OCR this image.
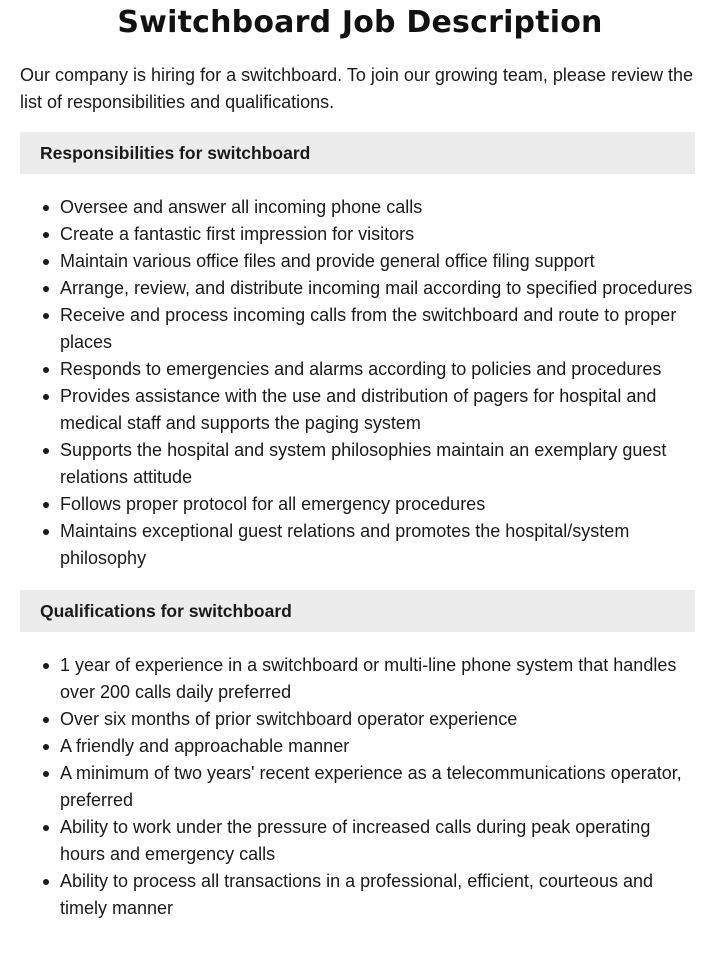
Switchboard Job Description

Our company is hiring for a switchboard. To join our growing team, please review the list of responsibilities and qualifications.

Responsibilities for switchboard
Oversee and answer all incoming phone calls
Create a fantastic first impression for visitors
Maintain various office files and provide general office filing support
Arrange, review, and distribute incoming mail according to specified procedures
Receive and process incoming calls from the switchboard and route to proper places
Responds to emergencies and alarms according to policies and procedures
Provides assistance with the use and distribution of pagers for hospital and medical staff and supports the paging system
Supports the hospital and system philosophies maintain an exemplary guest relations attitude
Follows proper protocol for all emergency procedures
Maintains exceptional guest relations and promotes the hospital/system philosophy
Qualifications for switchboard
1 year of experience in a switchboard or multi-line phone system that handles over 200 calls daily preferred
Over six months of prior switchboard operator experience
A friendly and approachable manner
A minimum of two years' recent experience as a telecommunications operator, preferred
Ability to work under the pressure of increased calls during peak operating hours and emergency calls
Ability to process all transactions in a professional, efficient, courteous and timely manner
